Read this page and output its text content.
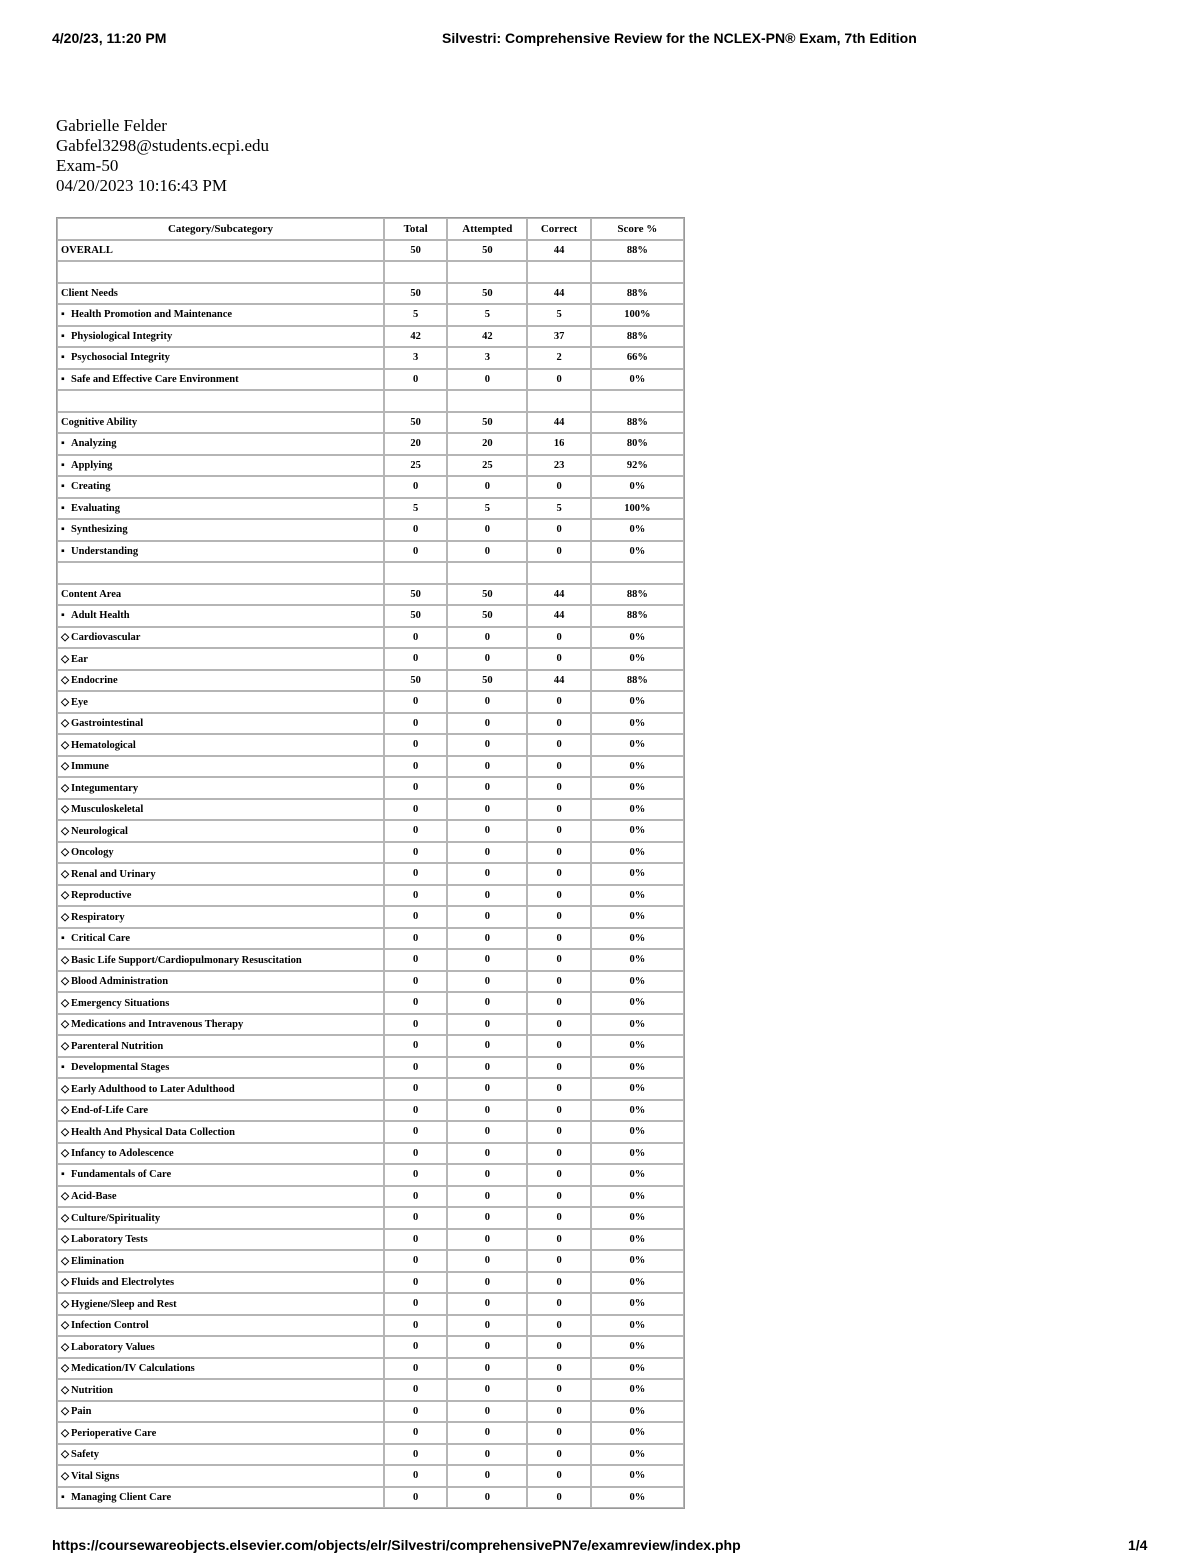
4/20/23, 11:20 PM	Silvestri: Comprehensive Review for the NCLEX-PN® Exam, 7th Edition
Gabrielle Felder
Gabfel3298@students.ecpi.edu
Exam-50
04/20/2023 10:16:43 PM
Category/Subcategory	Total	Attempted	Correct	Score %
OVERALL	50	50	44	88%

Client Needs	50	50	44	88%
▪ Health Promotion and Maintenance	5	5	5	100%
▪ Physiological Integrity	42	42	37	88%
▪ Psychosocial Integrity	3	3	2	66%
▪ Safe and Effective Care Environment	0	0	0	0%

Cognitive Ability	50	50	44	88%
▪ Analyzing	20	20	16	80%
▪ Applying	25	25	23	92%
▪ Creating	0	0	0	0%
▪ Evaluating	5	5	5	100%
▪ Synthesizing	0	0	0	0%
▪ Understanding	0	0	0	0%

Content Area	50	50	44	88%
▪ Adult Health	50	50	44	88%
◇ Cardiovascular	0	0	0	0%
◇ Ear	0	0	0	0%
◇ Endocrine	50	50	44	88%
◇ Eye	0	0	0	0%
◇ Gastrointestinal	0	0	0	0%
◇ Hematological	0	0	0	0%
◇ Immune	0	0	0	0%
◇ Integumentary	0	0	0	0%
◇ Musculoskeletal	0	0	0	0%
◇ Neurological	0	0	0	0%
◇ Oncology	0	0	0	0%
◇ Renal and Urinary	0	0	0	0%
◇ Reproductive	0	0	0	0%
◇ Respiratory	0	0	0	0%
▪ Critical Care	0	0	0	0%
◇ Basic Life Support/Cardiopulmonary Resuscitation	0	0	0	0%
◇ Blood Administration	0	0	0	0%
◇ Emergency Situations	0	0	0	0%
◇ Medications and Intravenous Therapy	0	0	0	0%
◇ Parenteral Nutrition	0	0	0	0%
▪ Developmental Stages	0	0	0	0%
◇ Early Adulthood to Later Adulthood	0	0	0	0%
◇ End-of-Life Care	0	0	0	0%
◇ Health And Physical Data Collection	0	0	0	0%
◇ Infancy to Adolescence	0	0	0	0%
▪ Fundamentals of Care	0	0	0	0%
◇ Acid-Base	0	0	0	0%
◇ Culture/Spirituality	0	0	0	0%
◇ Laboratory Tests	0	0	0	0%
◇ Elimination	0	0	0	0%
◇ Fluids and Electrolytes	0	0	0	0%
◇ Hygiene/Sleep and Rest	0	0	0	0%
◇ Infection Control	0	0	0	0%
◇ Laboratory Values	0	0	0	0%
◇ Medication/IV Calculations	0	0	0	0%
◇ Nutrition	0	0	0	0%
◇ Pain	0	0	0	0%
◇ Perioperative Care	0	0	0	0%
◇ Safety	0	0	0	0%
◇ Vital Signs	0	0	0	0%
▪ Managing Client Care	0	0	0	0%
https://coursewareobjects.elsevier.com/objects/elr/Silvestri/comprehensivePN7e/examreview/index.php	1/4
